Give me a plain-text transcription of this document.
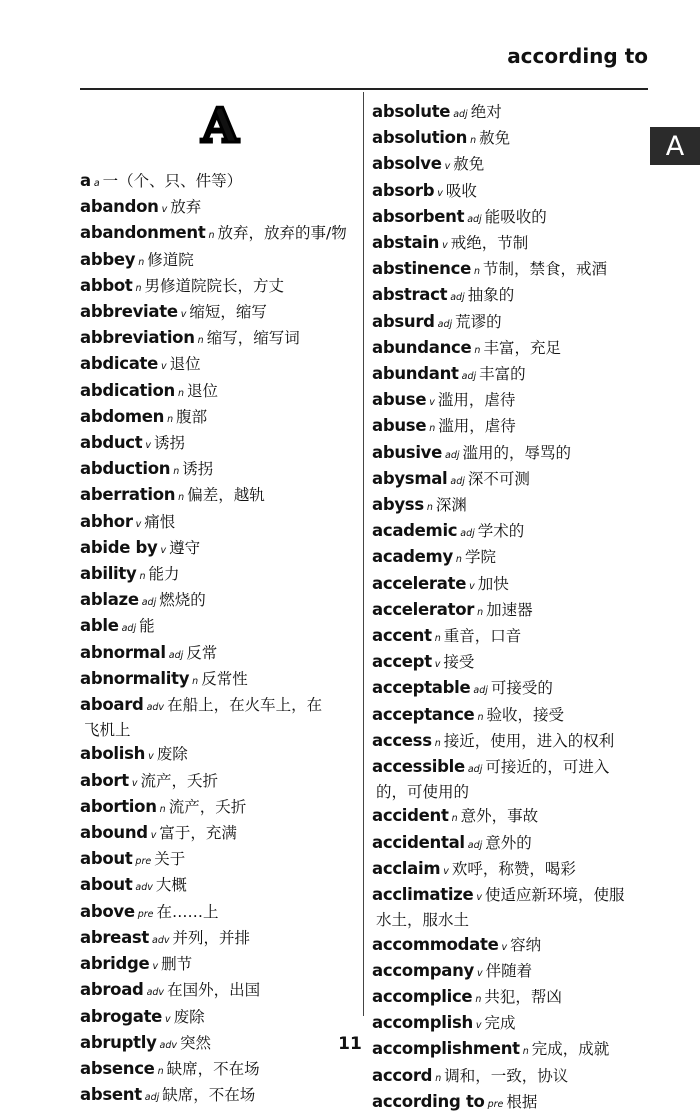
according to
A
A
aa 一（个、只、件等）
abandon v 放弃
abandonment n 放弃，放弃的事/物
abbey n 修道院
abbot n 男修道院院长，方丈
abbreviate v 缩短，缩写
abbreviation n 缩写，缩写词
abdicate v 退位
abdication n 退位
abdomen n 腹部
abduct v 诱拐
abduction n 诱拐
aberration n 偏差，越轨
abhor v 痛恨
abide by v 遵守
ability n 能力
ablaze adj 燃烧的
able adj 能
abnormal adj 反常
abnormality n 反常性
aboard adv 在船上，在火车上，在
飞机上
abolish v 废除
abort v 流产，夭折
abortion n 流产，夭折
abound v 富于，充满
about pre 关于
about adv 大概
above pre 在……上
abreast adv 并列，并排
abridge v 删节
abroad adv 在国外，出国
abrogate v 废除
abruptly adv 突然
absence n 缺席，不在场
absent adj 缺席，不在场
absolute adj 绝对
absolution n 赦免
absolve v 赦免
absorb v 吸收
absorbent adj 能吸收的
abstain v 戒绝，节制
abstinence n 节制，禁食，戒酒
abstract adj 抽象的
absurd adj 荒谬的
abundance n 丰富，充足
abundant adj 丰富的
abuse v 滥用，虐待
abuse n 滥用，虐待
abusive adj 滥用的，辱骂的
abysmal adj 深不可测
abyss n 深渊
academic adj 学术的
academy n 学院
accelerate v 加快
accelerator n 加速器
accent n 重音，口音
accept v 接受
acceptable adj 可接受的
acceptance n 验收，接受
access n 接近，使用，进入的权利
accessible adj 可接近的，可进入
的，可使用的
accident n 意外，事故
accidental adj 意外的
acclaim v 欢呼，称赞，喝彩
acclimatize v 使适应新环境，使服
水土，服水土
accommodate v 容纳
accompany v 伴随着
accomplice n 共犯，帮凶
accomplish v 完成
accomplishment n 完成，成就
accord n 调和，一致，协议
according to pre 根据
11
